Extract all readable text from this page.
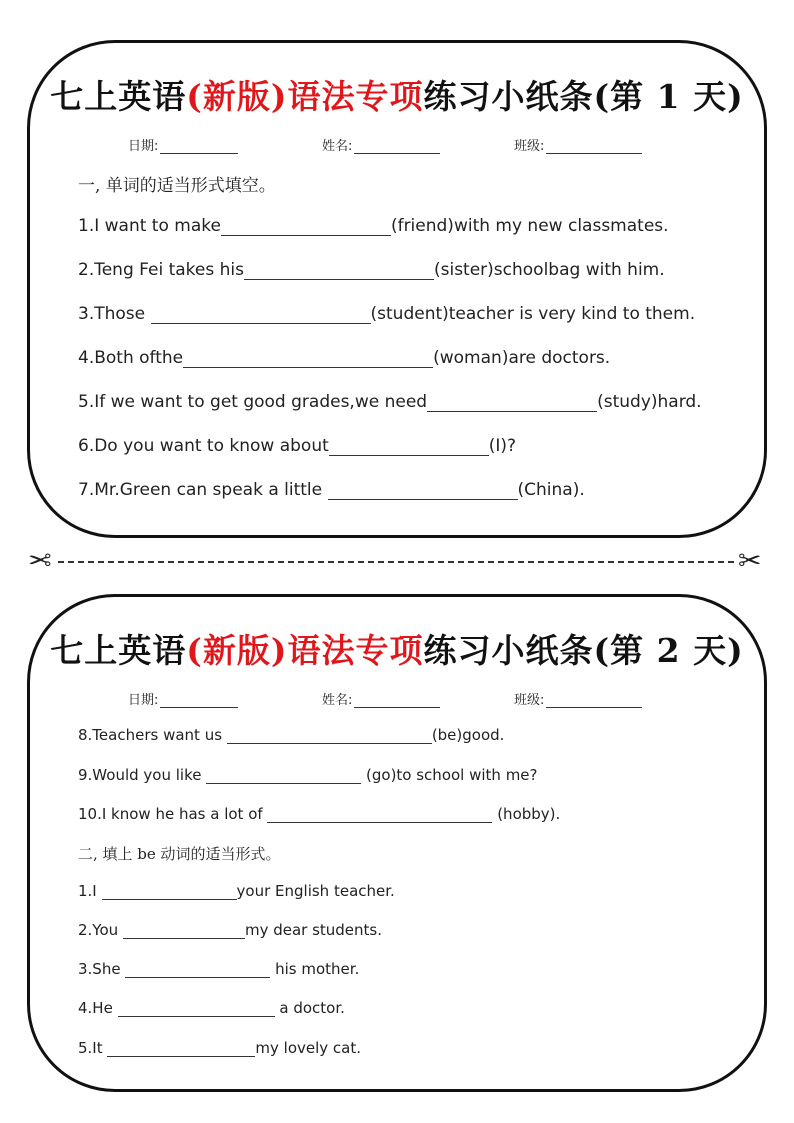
七上英语(新版)语法专项练习小纸条(第 1 天)
日期:	姓名:	班级:
一, 单词的适当形式填空。
1.I want to make	(friend)with my new classmates.
2.Teng Fei takes his	(sister)schoolbag with him.
3.Those	(student)teacher is very kind to them.
4.Both ofthe	(woman)are doctors.
5.If we want to get good grades,we need	(study)hard.
6.Do you want to know about	(I)?
7.Mr.Green can speak a little	(China).
✂	✂
七上英语(新版)语法专项练习小纸条(第 2 天)
日期:	姓名:	班级:
8.Teachers want us	(be)good.
9.Would you like	(go)to school with me?
10.I know he has a lot of	(hobby).
二, 填上 be 动词的适当形式。
1.I	your English teacher.
2.You	my dear students.
3.She	his mother.
4.He	a doctor.
5.It	my lovely cat.
